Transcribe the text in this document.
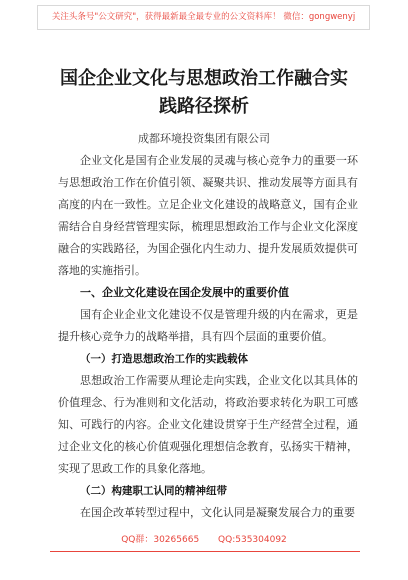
关注头条号"公文研究"，获得最新最全最专业的公文资料库！ 微信：gongwenyj
国企企业文化与思想政治工作融合实践路径探析
成都环境投资集团有限公司

企业文化是国有企业发展的灵魂与核心竞争力的重要一环与思想政治工作在价值引领、凝聚共识、推动发展等方面具有高度的内在一致性。立足企业文化建设的战略意义，国有企业需结合自身经营管理实际，梳理思想政治工作与企业文化深度融合的实践路径，为国企强化内生动力、提升发展质效提供可落地的实施指引。

一、企业文化建设在国企发展中的重要价值

国有企业企业文化建设不仅是管理升级的内在需求，更是提升核心竞争力的战略举措，具有四个层面的重要价值。

（一）打造思想政治工作的实践载体

思想政治工作需要从理论走向实践，企业文化以其具体的价值理念、行为准则和文化活动，将政治要求转化为职工可感知、可践行的内容。企业文化建设贯穿于生产经营全过程，通过企业文化的核心价值观强化理想信念教育，弘扬实干精神，实现了思政工作的具象化落地。

（二）构建职工认同的精神纽带

在国企改革转型过程中，文化认同是凝聚发展合力的重要

QQ群：30265665 QQ:535304092
